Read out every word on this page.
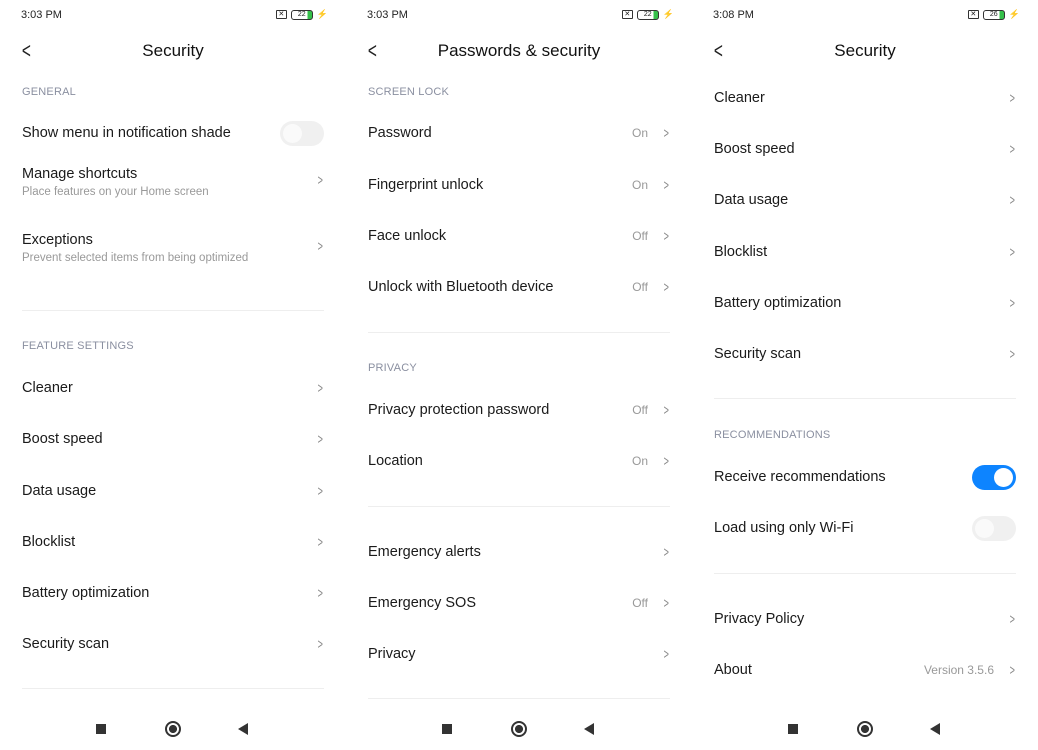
3:03 PM	✕	22	⚡
<	Security
GENERAL
Show menu in notification shade
Manage shortcuts
Place features on your Home screen
>
Exceptions
Prevent selected items from being optimized
>
FEATURE SETTINGS
Cleaner	>
Boost speed	>
Data usage	>
Blocklist	>
Battery optimization	>
Security scan	>
3:03 PM	✕	22	⚡
<	Passwords & security
SCREEN LOCK
Password	On >
Fingerprint unlock	On >
Face unlock	Off >
Unlock with Bluetooth device	Off >
PRIVACY
Privacy protection password	Off >
Location	On >
Emergency alerts	>
Emergency SOS	Off >
Privacy	>
3:08 PM	✕	26	⚡
<	Security
Cleaner	>
Boost speed	>
Data usage	>
Blocklist	>
Battery optimization	>
Security scan	>
RECOMMENDATIONS
Receive recommendations
Load using only Wi-Fi
Privacy Policy	>
About	Version 3.5.6 >
